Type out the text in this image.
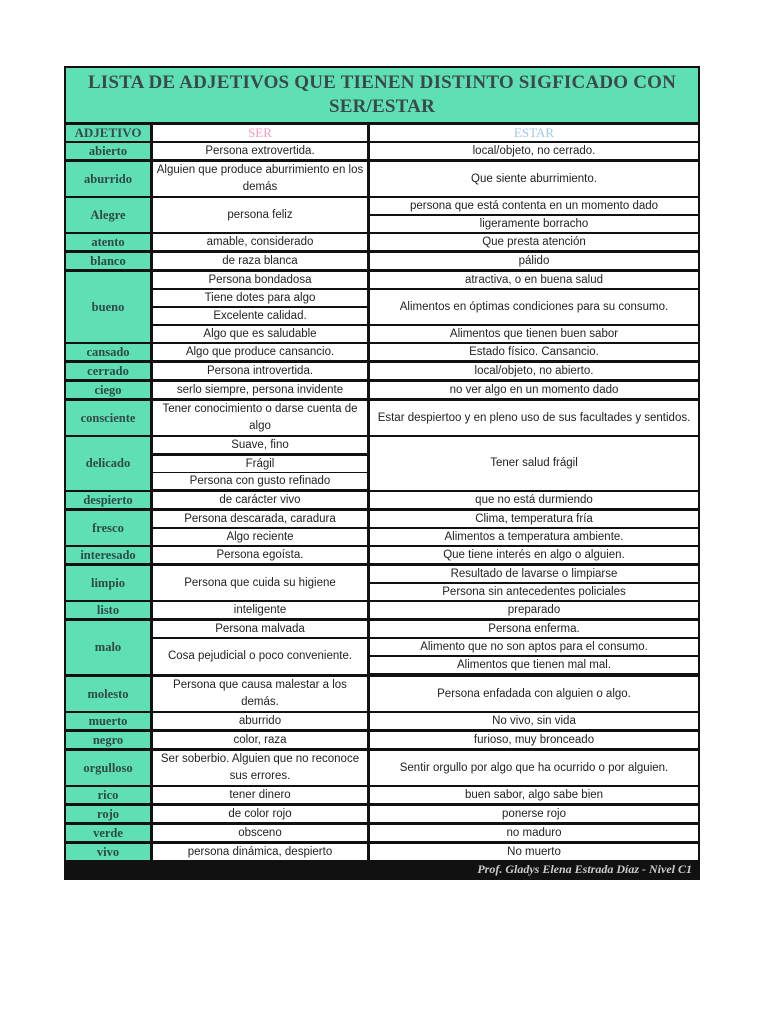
LISTA DE ADJETIVOS QUE TIENEN DISTINTO SIGFICADO CON SER/ESTAR
ADJETIVO	SER	ESTAR
abierto
aburrido
Alegre
atento
blanco
bueno
cansado
cerrado
ciego
consciente
delicado
despierto
fresco
interesado
limpio
listo
malo
molesto
muerto
negro
orgulloso
rico
rojo
verde
vivo
Persona extrovertida.
Alguien que produce aburrimiento en los demás
persona feliz
amable, considerado
de raza blanca
Persona bondadosa
Tiene dotes para algo
Excelente calidad.
Algo que es saludable
Algo que produce cansancio.
Persona introvertida.
serlo siempre, persona invidente
Tener conocimiento o darse cuenta de algo
Suave, fino
Frágil
Persona con gusto refinado
de carácter vivo
Persona descarada, caradura
Algo reciente
Persona egoísta.
Persona que cuida su higiene
inteligente
Persona malvada
Cosa pejudicial o poco conveniente.
Persona que causa malestar a los demás.
aburrido
color, raza
Ser soberbio. Alguien que no reconoce sus errores.
tener dinero
de color rojo
obsceno
persona dinámica, despierto
local/objeto, no cerrado.
Que siente aburrimiento.
persona que está contenta en un momento dado
ligeramente borracho
Que presta atención
pálido
atractiva, o en buena salud
Alimentos en óptimas condiciones para su consumo.
Alimentos que tienen buen sabor
Estado físico. Cansancio.
local/objeto, no abierto.
no ver algo en un momento dado
Estar despiertoo y en pleno uso de sus facultades y sentidos.
Tener salud frágil
que no está durmiendo
Clima, temperatura fría
Alimentos a temperatura ambiente.
Que tiene interés en algo o alguien.
Resultado de lavarse o limpiarse
Persona sin antecedentes policiales
preparado
Persona enferma.
Alimento que no son aptos para el consumo.
Alimentos que tienen mal mal.
Persona enfadada con alguien o algo.
No vivo, sin vida
furioso, muy bronceado
Sentir orgullo por algo que ha ocurrido o por alguien.
buen sabor, algo sabe bien
ponerse rojo
no maduro
No muerto
Prof. Gladys Elena Estrada Díaz - Nivel C1
